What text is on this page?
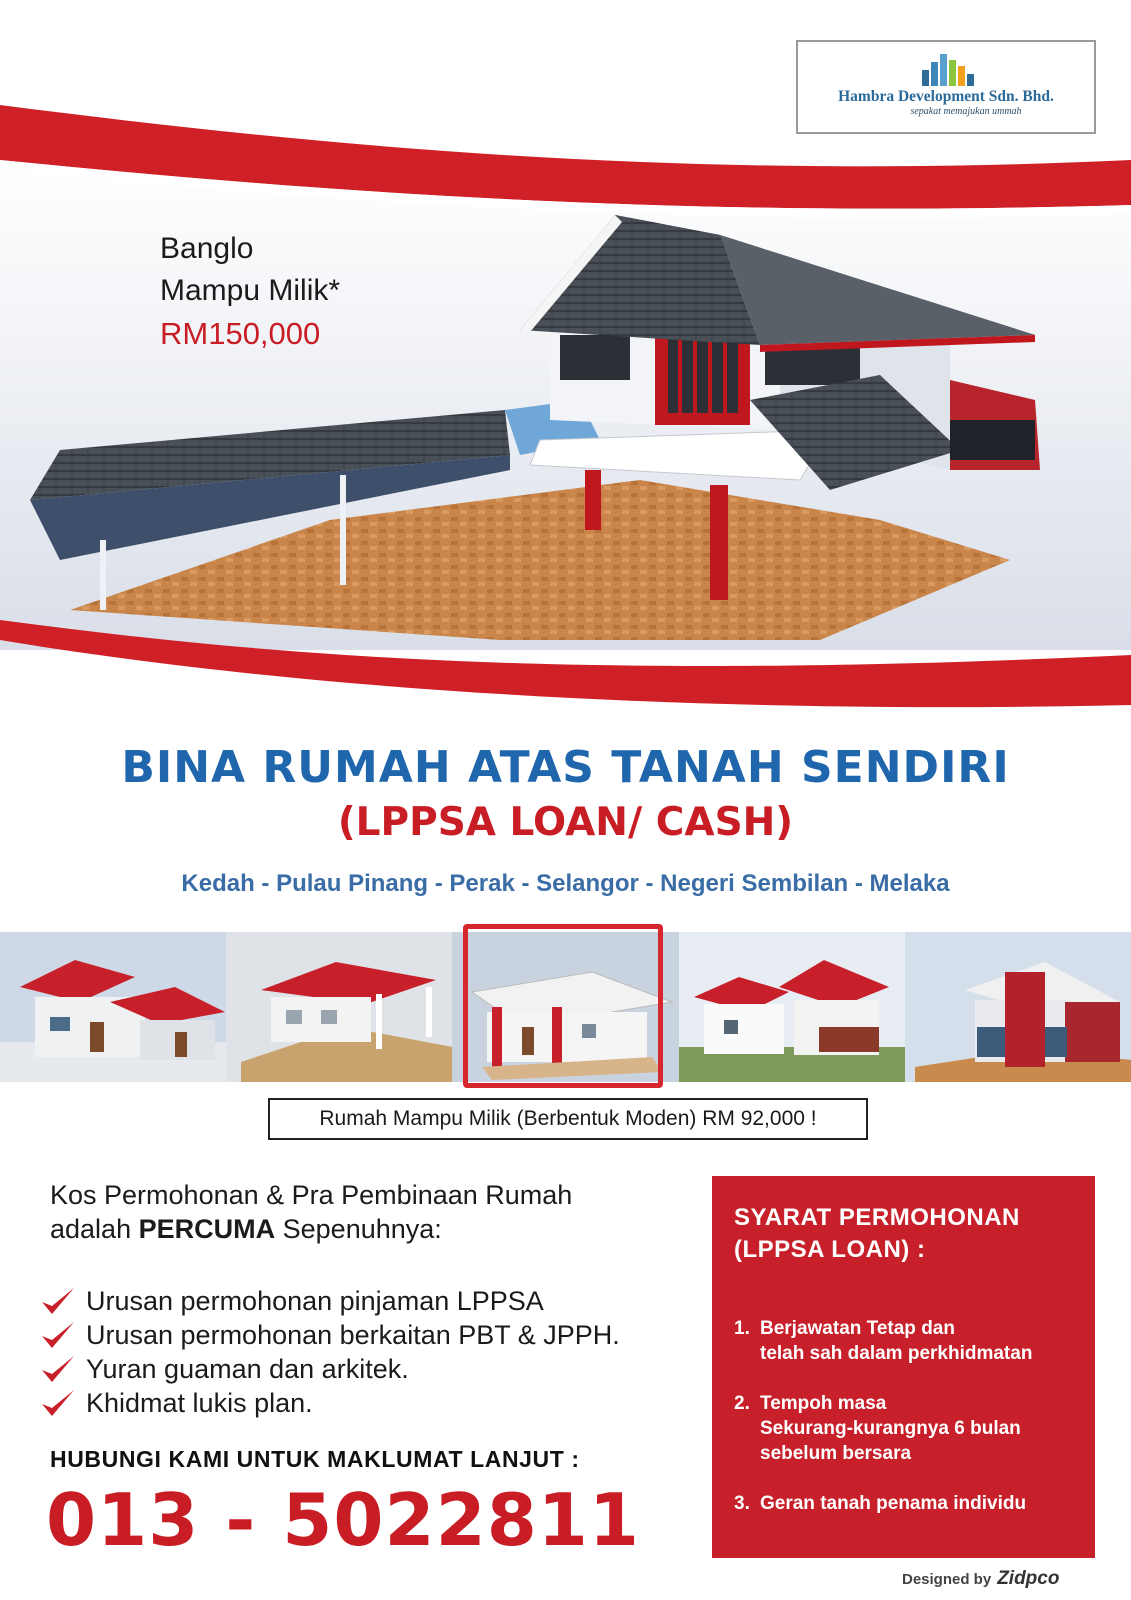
Banglo
Mampu Milik*
RM150,000
Hambra Development Sdn. Bhd.
sepakat memajukan ummah
BINA RUMAH ATAS TANAH SENDIRI
(LPPSA LOAN/ CASH)
Kedah - Pulau Pinang - Perak - Selangor - Negeri Sembilan - Melaka
Rumah Mampu Milik (Berbentuk Moden) RM 92,000 !
Kos Permohonan & Pra Pembinaan Rumah
adalah PERCUMA Sepenuhnya:
Urusan permohonan pinjaman LPPSA
Urusan permohonan berkaitan PBT & JPPH.
Yuran guaman dan arkitek.
Khidmat lukis plan.
HUBUNGI KAMI UNTUK MAKLUMAT LANJUT :
013 - 5022811
SYARAT PERMOHONAN
(LPPSA LOAN) :
1. Berjawatan Tetap dan
telah sah dalam perkhidmatan
2. Tempoh masa
Sekurang-kurangnya 6 bulan
sebelum bersara
3. Geran tanah penama individu
Designed by Zidpco
